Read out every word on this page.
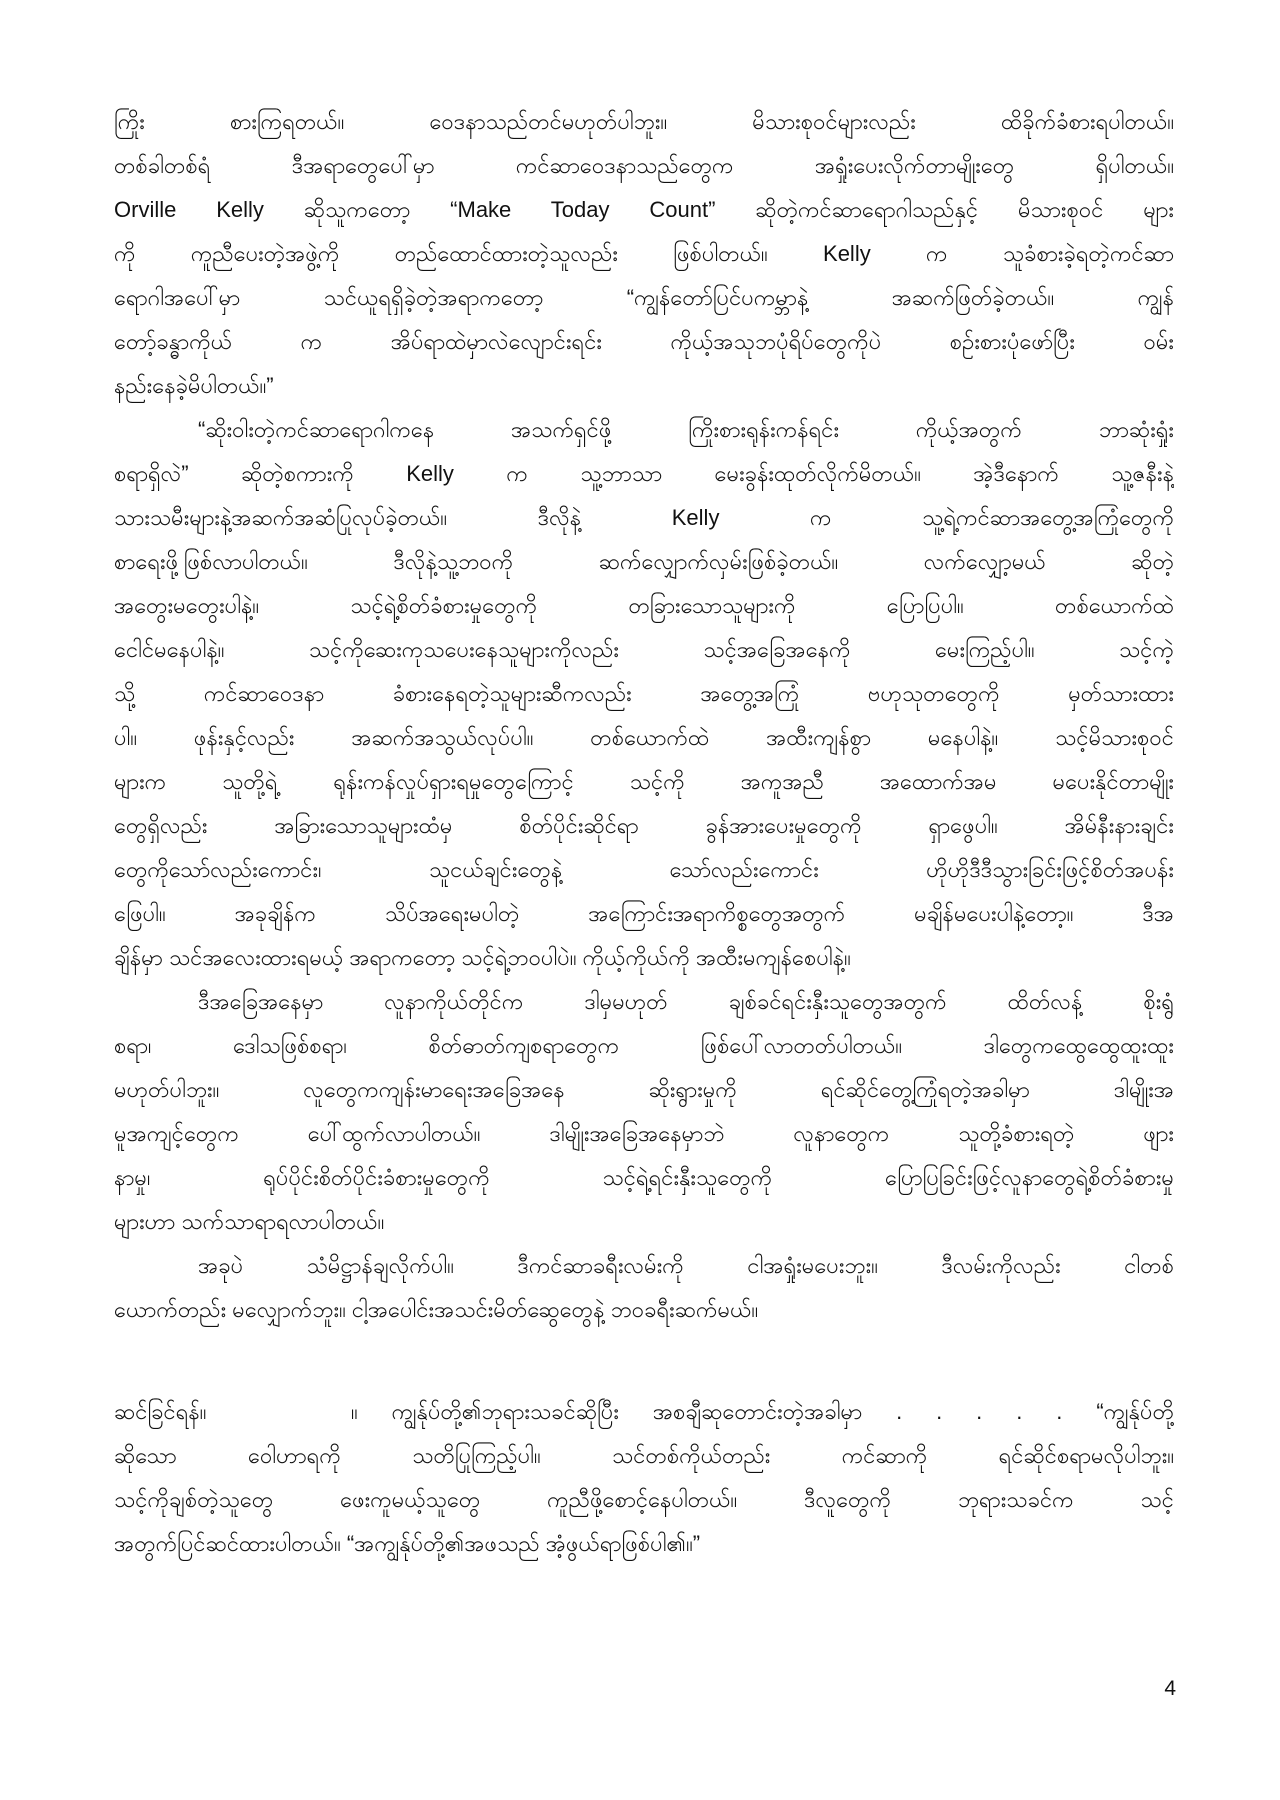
ကြိုး စားကြရတယ်။ ဝေဒနာသည်တင်မဟုတ်ပါဘူး။ မိသားစုဝင်များလည်း ထိခိုက်ခံစားရပါတယ်။
တစ်ခါတစ်ရံ ဒီအရာတွေပေါ်မှာ ကင်ဆာဝေဒနာသည်တွေက အရှုံးပေးလိုက်တာမျိုးတွေ ရှိပါတယ်။
Orville Kelly ဆိုသူကတော့ “Make Today Count” ဆိုတဲ့ကင်ဆာရောဂါသည်နှင့် မိသားစုဝင် များ
ကို ကူညီပေးတဲ့အဖွဲ့ကို တည်ထောင်ထားတဲ့သူလည်း ဖြစ်ပါတယ်။ Kelly က သူခံစားခဲ့ရတဲ့ကင်ဆာ
ရောဂါအပေါ်မှာ သင်ယူရရှိခဲ့တဲ့အရာကတော့ “ကျွန်တော်ပြင်ပကမ္ဘာနဲ့ အဆက်ဖြတ်ခဲ့တယ်။ ကျွန်
တော့်ခန္ဓာကိုယ် က အိပ်ရာထဲမှာလဲလျောင်းရင်း ကိုယ့်အသုဘပုံရိပ်တွေကိုပဲ စဉ်းစားပုံဖော်ပြီး ဝမ်း
နည်းနေခဲ့မိပါတယ်။”
“ဆိုးဝါးတဲ့ကင်ဆာရောဂါကနေ အသက်ရှင်ဖို့ ကြိုးစားရုန်းကန်ရင်း ကိုယ့်အတွက် ဘာဆုံးရှုံး
စရာရှိလဲ” ဆိုတဲ့စကားကို Kelly က သူ့ဘာသာ မေးခွန်းထုတ်လိုက်မိတယ်။ အဲ့ဒီနောက် သူ့ဇနီးနဲ့
သားသမီးများနဲ့အဆက်အဆံပြုလုပ်ခဲ့တယ်။ ဒီလိုနဲ့ Kelly က သူ့ရဲ့ကင်ဆာအတွေ့အကြုံတွေကို
စာရေးဖို့ဖြစ်လာပါတယ်။ ဒီလိုနဲ့သူ့ဘဝကို ဆက်လျှောက်လှမ်းဖြစ်ခဲ့တယ်။ လက်လျှော့မယ် ဆိုတဲ့
အတွေးမတွေးပါနဲ့။ သင့်ရဲ့စိတ်ခံစားမှုတွေကို တခြားသောသူများကို ပြောပြပါ။ တစ်ယောက်ထဲ
ငေါင်မနေပါနဲ့။ သင့်ကိုဆေးကုသပေးနေသူများကိုလည်း သင့်အခြေအနေကို မေးကြည့်ပါ။ သင့်ကဲ့
သို့ ကင်ဆာဝေဒနာ ခံစားနေရတဲ့သူများဆီကလည်း အတွေ့အကြုံ ဗဟုသုတတွေကို မှတ်သားထား
ပါ။ ဖုန်းနှင့်လည်း အဆက်အသွယ်လုပ်ပါ။ တစ်ယောက်ထဲ အထီးကျန်စွာ မနေပါနဲ့။ သင့်မိသားစုဝင်
များက သူတို့ရဲ့ ရုန်းကန်လှုပ်ရှားရမှုတွေကြောင့် သင့်ကို အကူအညီ အထောက်အမ မပေးနိုင်တာမျိုး
တွေရှိလည်း အခြားသောသူများထံမှ စိတ်ပိုင်းဆိုင်ရာ ခွန်အားပေးမှုတွေကို ရှာဖွေပါ။ အိမ်နီးနားချင်း
တွေကိုသော်လည်းကောင်း၊ သူငယ်ချင်းတွေနဲ့ သော်လည်းကောင်း ဟိုဟိုဒီဒီသွားခြင်းဖြင့်စိတ်အပန်း
ဖြေပါ။ အခုချိန်က သိပ်အရေးမပါတဲ့ အကြောင်းအရာကိစ္စတွေအတွက် မချိန်မပေးပါနဲ့တော့။ ဒီအ
ချိန်မှာ သင်အလေးထားရမယ့် အရာကတော့ သင့်ရဲ့ဘဝပါပဲ။ ကိုယ့်ကိုယ်ကို အထီးမကျန်စေပါနဲ့။
ဒီအခြေအနေမှာ လူနာကိုယ်တိုင်က ဒါမှမဟုတ် ချစ်ခင်ရင်းနှီးသူတွေအတွက် ထိတ်လန့် စိုးရွံ့
စရာ၊ ဒေါသဖြစ်စရာ၊ စိတ်ဓာတ်ကျစရာတွေက ဖြစ်ပေါ်လာတတ်ပါတယ်။ ဒါတွေကထွေထွေထူးထူး
မဟုတ်ပါဘူး။ လူတွေကကျန်းမာရေးအခြေအနေ ဆိုးရွားမှုကို ရင်ဆိုင်တွေ့ကြုံရတဲ့အခါမှာ ဒါမျိုးအ
မူအကျင့်တွေက ပေါ်ထွက်လာပါတယ်။ ဒါမျိုးအခြေအနေမှာဘဲ လူနာတွေက သူတို့ခံစားရတဲ့ ဖျား
နာမှု၊ ရုပ်ပိုင်းစိတ်ပိုင်းခံစားမှုတွေကို သင့်ရဲ့ရင်းနှီးသူတွေကို ပြောပြခြင်းဖြင့်လူနာတွေရဲ့စိတ်ခံစားမှု
များဟာ သက်သာရာရလာပါတယ်။
အခုပဲ သံမိဋ္ဌာန်ချလိုက်ပါ။ ဒီကင်ဆာခရီးလမ်းကို ငါအရှုံးမပေးဘူး။ ဒီလမ်းကိုလည်း ငါတစ်
ယောက်တည်း မလျှောက်ဘူး။ ငါ့အပေါင်းအသင်းမိတ်ဆွေတွေနဲ့ ဘဝခရီးဆက်မယ်။
ဆင်ခြင်ရန်။	။ ကျွန်ုပ်တို့၏ဘုရားသခင်ဆိုပြီး အစချီဆုတောင်းတဲ့အခါမှာ . . . . . “ကျွန်ုပ်တို့
ဆိုသော ဝေါဟာရကို သတိပြုကြည့်ပါ။ သင်တစ်ကိုယ်တည်း ကင်ဆာကို ရင်ဆိုင်စရာမလိုပါဘူး။
သင့်ကိုချစ်တဲ့သူတွေ ဖေးကူမယ့်သူတွေ ကူညီဖို့စောင့်နေပါတယ်။ ဒီလူတွေကို ဘုရားသခင်က သင့်
အတွက်ပြင်ဆင်ထားပါတယ်။ “အကျွန်ုပ်တို့၏အဖသည် အံ့ဖွယ်ရာဖြစ်ပါ၏။”
4
